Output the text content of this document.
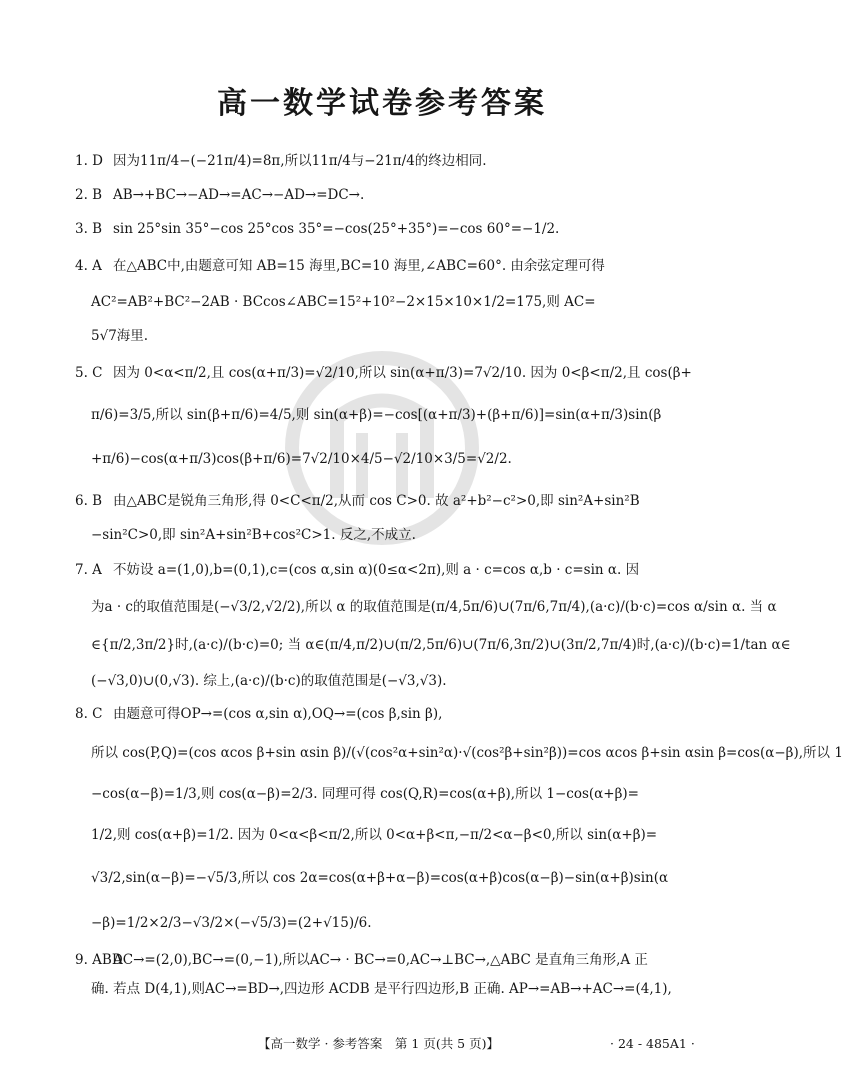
高一数学试卷参考答案
1. D 因为11π/4−(−21π/4)=8π,所以11π/4与−21π/4的终边相同.
2. B AB→+BC→−AD→=AC→−AD→=DC→.
3. B sin 25°sin 35°−cos 25°cos 35°=−cos(25°+35°)=−cos 60°=−1/2.
4. A 在△ABC中,由题意可知 AB=15 海里,BC=10 海里,∠ABC=60°. 由余弦定理可得
AC²=AB²+BC²−2AB · BCcos∠ABC=15²+10²−2×15×10×1/2=175,则 AC=
5√7海里.
5. C 因为 0<α<π/2,且 cos(α+π/3)=√2/10,所以 sin(α+π/3)=7√2/10. 因为 0<β<π/2,且 cos(β+
π/6)=3/5,所以 sin(β+π/6)=4/5,则 sin(α+β)=−cos[(α+π/3)+(β+π/6)]=sin(α+π/3)sin(β
+π/6)−cos(α+π/3)cos(β+π/6)=7√2/10×4/5−√2/10×3/5=√2/2.
6. B 由△ABC是锐角三角形,得 0<C<π/2,从而 cos C>0. 故 a²+b²−c²>0,即 sin²A+sin²B
−sin²C>0,即 sin²A+sin²B+cos²C>1. 反之,不成立.
7. A 不妨设 a=(1,0),b=(0,1),c=(cos α,sin α)(0≤α<2π),则 a · c=cos α,b · c=sin α. 因
为a · c的取值范围是(−√3/2,√2/2),所以 α 的取值范围是(π/4,5π/6)∪(7π/6,7π/4),(a·c)/(b·c)=cos α/sin α. 当 α
∈{π/2,3π/2}时,(a·c)/(b·c)=0; 当 α∈(π/4,π/2)∪(π/2,5π/6)∪(7π/6,3π/2)∪(3π/2,7π/4)时,(a·c)/(b·c)=1/tan α∈
(−√3,0)∪(0,√3). 综上,(a·c)/(b·c)的取值范围是(−√3,√3).
8. C 由题意可得OP→=(cos α,sin α),OQ→=(cos β,sin β),
所以 cos(P,Q)=(cos αcos β+sin αsin β)/(√(cos²α+sin²α)·√(cos²β+sin²β))=cos αcos β+sin αsin β=cos(α−β),所以 1
−cos(α−β)=1/3,则 cos(α−β)=2/3. 同理可得 cos(Q,R)=cos(α+β),所以 1−cos(α+β)=
1/2,则 cos(α+β)=1/2. 因为 0<α<β<π/2,所以 0<α+β<π,−π/2<α−β<0,所以 sin(α+β)=
√3/2,sin(α−β)=−√5/3,所以 cos 2α=cos(α+β+α−β)=cos(α+β)cos(α−β)−sin(α+β)sin(α
−β)=1/2×2/3−√3/2×(−√5/3)=(2+√15)/6.
9. ABDAC→=(2,0),BC→=(0,−1),所以AC→ · BC→=0,AC→⊥BC→,△ABC 是直角三角形,A 正
确. 若点 D(4,1),则AC→=BD→,四边形 ACDB 是平行四边形,B 正确. AP→=AB→+AC→=(4,1),
【高一数学 · 参考答案　第 1 页(共 5 页)】	· 24 - 485A1 ·
